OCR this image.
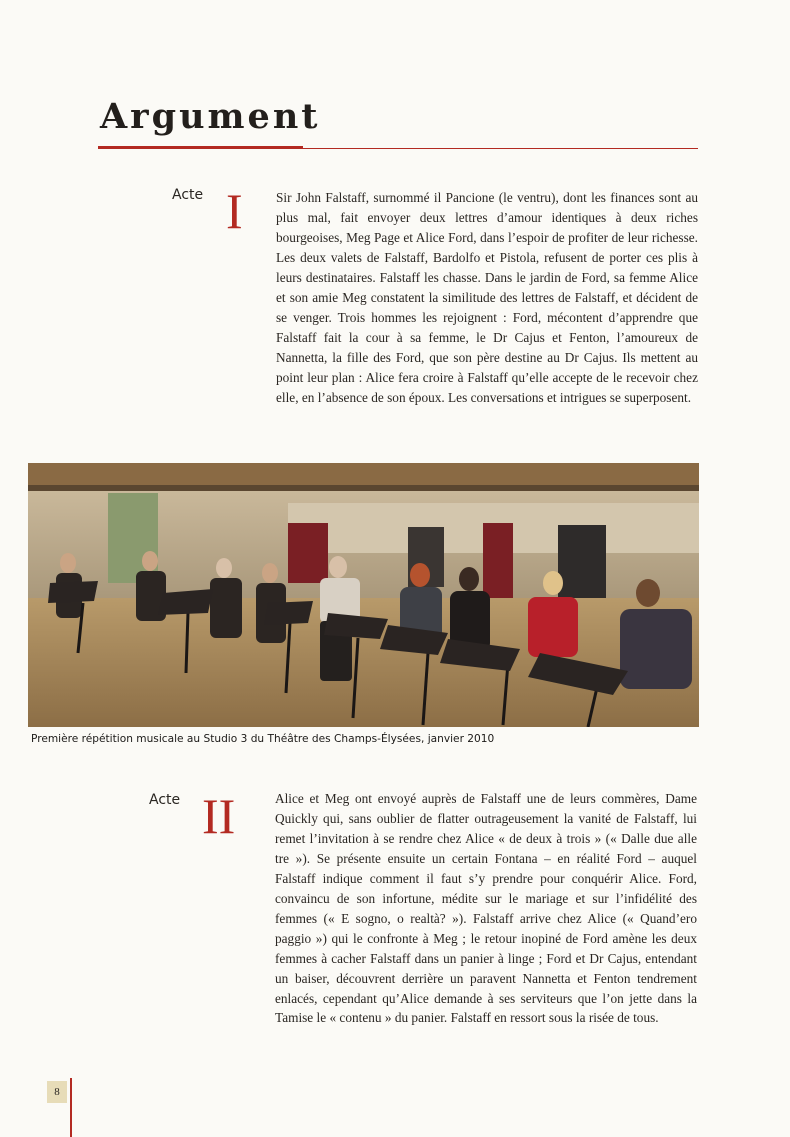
Argument
Acte I	Sir John Falstaff, surnommé il Pancione (le ventru), dont les finances sont au plus mal, fait envoyer deux lettres d’amour identiques à deux riches bourgeoises, Meg Page et Alice Ford, dans l’espoir de profiter de leur richesse. Les deux valets de Falstaff, Bardolfo et Pistola, refusent de porter ces plis à leurs destinataires. Falstaff les chasse. Dans le jardin de Ford, sa femme Alice et son amie Meg constatent la similitude des lettres de Falstaff, et décident de se venger. Trois hommes les rejoignent : Ford, mécontent d’apprendre que Falstaff fait la cour à sa femme, le Dr Cajus et Fenton, l’amoureux de Nannetta, la fille des Ford, que son père destine au Dr Cajus. Ils mettent au point leur plan : Alice fera croire à Falstaff qu’elle accepte de le recevoir chez elle, en l’absence de son époux. Les conversations et intrigues se superposent.

Première répétition musicale au Studio 3 du Théâtre des Champs-Élysées, janvier 2010
Acte II	Alice et Meg ont envoyé auprès de Falstaff une de leurs commères, Dame Quickly qui, sans oublier de flatter outrageusement la vanité de Falstaff, lui remet l’invitation à se rendre chez Alice « de deux à trois » (« Dalle due alle tre »). Se présente ensuite un certain Fontana – en réalité Ford – auquel Falstaff indique comment il faut s’y prendre pour conquérir Alice. Ford, convaincu de son infortune, médite sur le mariage et sur l’infidélité des femmes (« E sogno, o realtà? »). Falstaff arrive chez Alice (« Quand’ero paggio ») qui le confronte à Meg ; le retour inopiné de Ford amène les deux femmes à cacher Falstaff dans un panier à linge ; Ford et Dr Cajus, entendant un baiser, découvrent derrière un paravent Nannetta et Fenton tendrement enlacés, cependant qu’Alice demande à ses serviteurs que l’on jette dans la Tamise le « contenu » du panier. Falstaff en ressort sous la risée de tous.

8
